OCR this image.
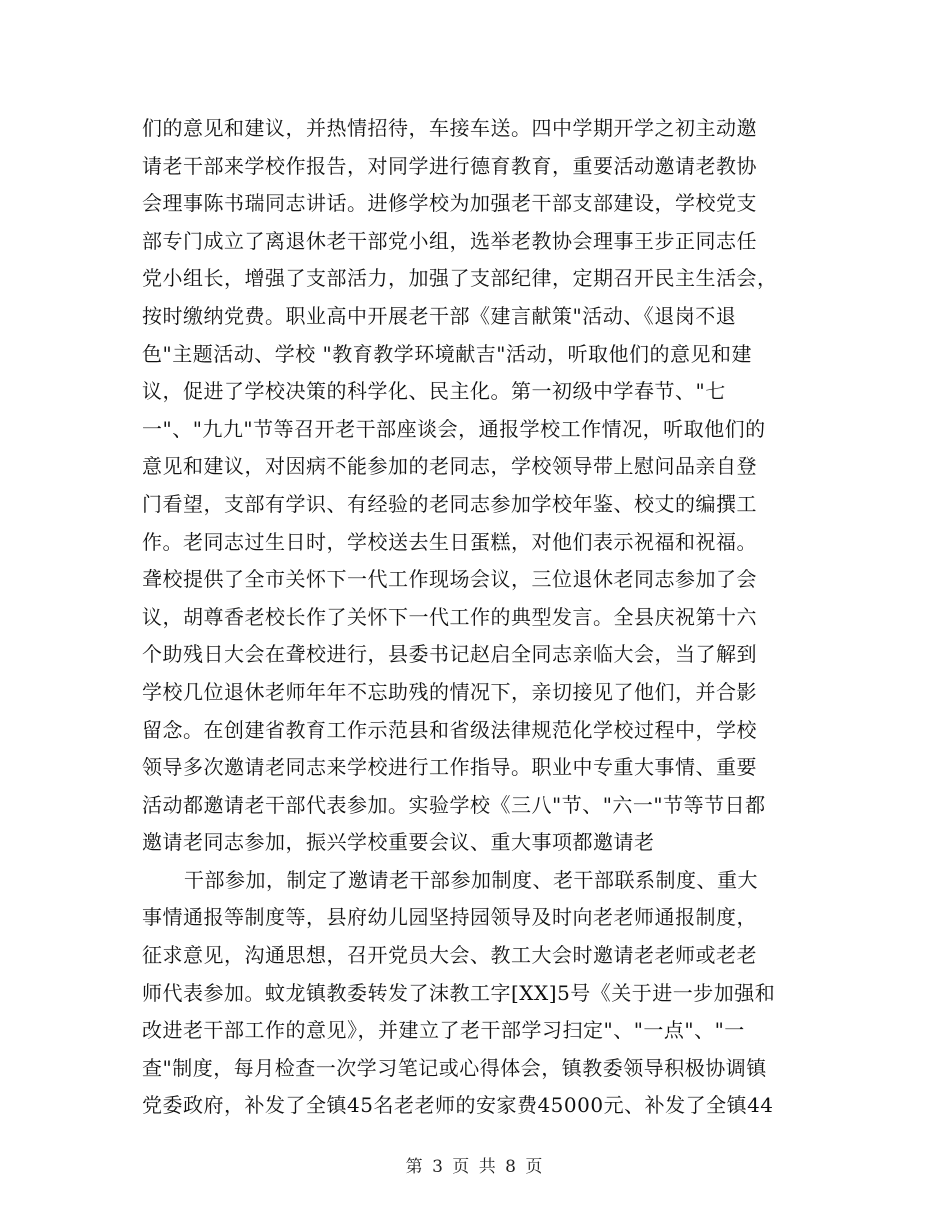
们的意见和建议，并热情招待，车接车送。四中学期开学之初主动邀
请老干部来学校作报告，对同学进行德育教育，重要活动邀请老教协
会理事陈书瑞同志讲话。进修学校为加强老干部支部建设，学校党支
部专门成立了离退休老干部党小组，选举老教协会理事王步正同志任
党小组长，增强了支部活力，加强了支部纪律，定期召开民主生活会，
按时缴纳党费。职业高中开展老干部《建言献策"活动、《退岗不退
色"主题活动、学校 "教育教学环境献吉"活动，听取他们的意见和建
议，促进了学校决策的科学化、民主化。第一初级中学春节、"七
一"、"九九"节等召开老干部座谈会，通报学校工作情况，听取他们的
意见和建议，对因病不能参加的老同志，学校领导带上慰问品亲自登
门看望，支部有学识、有经验的老同志参加学校年鉴、校丈的编撰工
作。老同志过生日时，学校送去生日蛋糕，对他们表示祝福和祝福。
聋校提供了全市关怀下一代工作现场会议，三位退休老同志参加了会
议，胡尊香老校长作了关怀下一代工作的典型发言。全县庆祝第十六
个助残日大会在聋校进行，县委书记赵启全同志亲临大会，当了解到
学校几位退休老师年年不忘助残的情况下，亲切接见了他们，并合影
留念。在创建省教育工作示范县和省级法律规范化学校过程中，学校
领导多次邀请老同志来学校进行工作指导。职业中专重大事情、重要
活动都邀请老干部代表参加。实验学校《三八"节、"六一"节等节日都
邀请老同志参加，振兴学校重要会议、重大事项都邀请老
干部参加，制定了邀请老干部参加制度、老干部联系制度、重大
事情通报等制度等，县府幼儿园坚持园领导及时向老老师通报制度，
征求意见，沟通思想，召开党员大会、教工大会时邀请老老师或老老
师代表参加。蚊龙镇教委转发了沫教工字[XX]5号《关于进一步加强和
改进老干部工作的意见》，并建立了老干部学习扫定"、"一点"、"一
查"制度，每月检查一次学习笔记或心得体会，镇教委领导积极协调镇
党委政府，补发了全镇45名老老师的安家费45000元、补发了全镇44
第 3 页 共 8 页
